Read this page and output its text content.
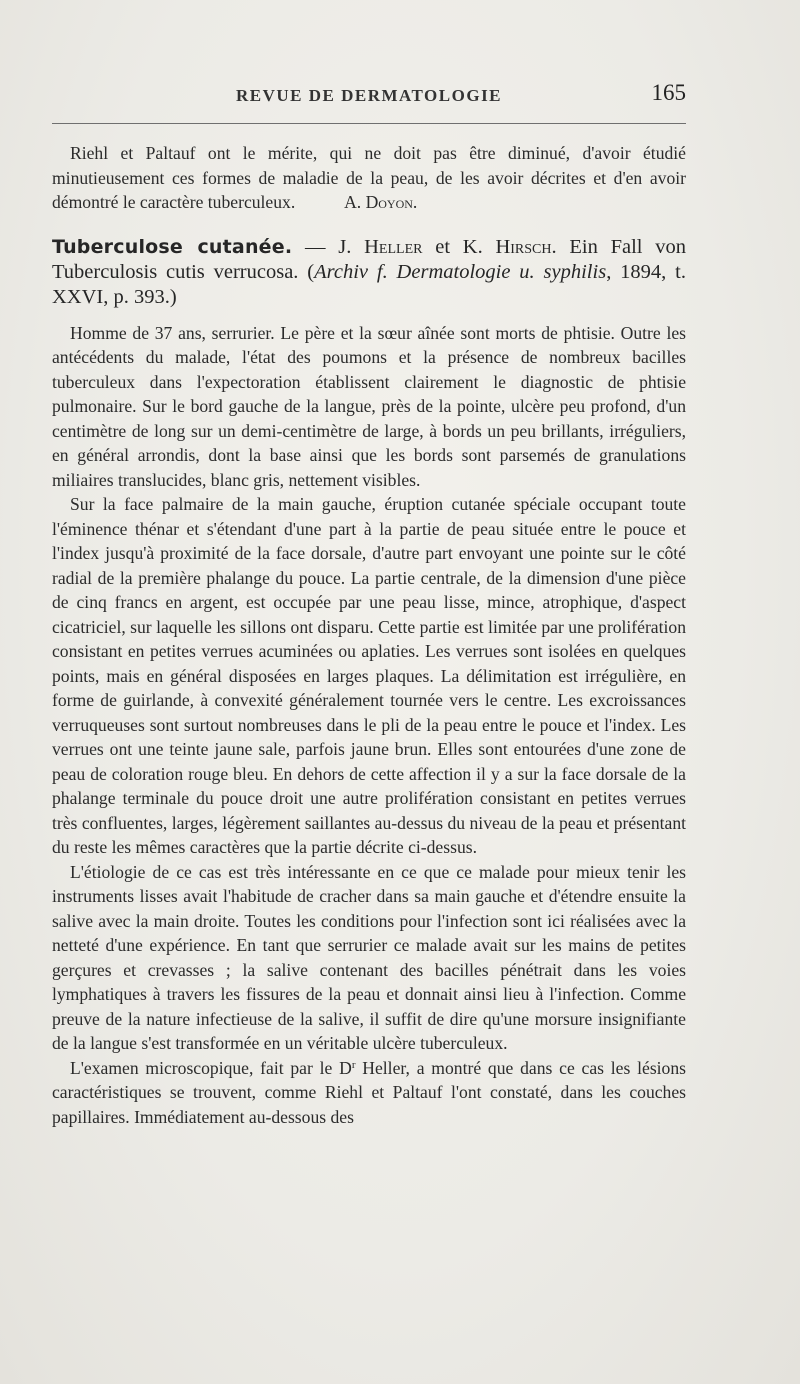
REVUE DE DERMATOLOGIE	165

Riehl et Paltauf ont le mérite, qui ne doit pas être diminué, d'avoir étudié minutieusement ces formes de maladie de la peau, de les avoir décrites et d'en avoir démontré le caractère tuberculeux.	A. Doyon.

Tuberculose cutanée. — J. Heller et K. Hirsch. Ein Fall von Tuberculosis cutis verrucosa. (Archiv f. Dermatologie u. syphilis, 1894, t. XXVI, p. 393.)

Homme de 37 ans, serrurier. Le père et la sœur aînée sont morts de phtisie. Outre les antécédents du malade, l'état des poumons et la présence de nombreux bacilles tuberculeux dans l'expectoration établissent clairement le diagnostic de phtisie pulmonaire. Sur le bord gauche de la langue, près de la pointe, ulcère peu profond, d'un centimètre de long sur un demi-centimètre de large, à bords un peu brillants, irréguliers, en général arrondis, dont la base ainsi que les bords sont parsemés de granulations miliaires translucides, blanc gris, nettement visibles.

Sur la face palmaire de la main gauche, éruption cutanée spéciale occupant toute l'éminence thénar et s'étendant d'une part à la partie de peau située entre le pouce et l'index jusqu'à proximité de la face dorsale, d'autre part envoyant une pointe sur le côté radial de la première phalange du pouce. La partie centrale, de la dimension d'une pièce de cinq francs en argent, est occupée par une peau lisse, mince, atrophique, d'aspect cicatriciel, sur laquelle les sillons ont disparu. Cette partie est limitée par une prolifération consistant en petites verrues acuminées ou aplaties. Les verrues sont isolées en quelques points, mais en général disposées en larges plaques. La délimitation est irrégulière, en forme de guirlande, à convexité généralement tournée vers le centre. Les excroissances verruqueuses sont surtout nombreuses dans le pli de la peau entre le pouce et l'index. Les verrues ont une teinte jaune sale, parfois jaune brun. Elles sont entourées d'une zone de peau de coloration rouge bleu. En dehors de cette affection il y a sur la face dorsale de la phalange terminale du pouce droit une autre prolifération consistant en petites verrues très confluentes, larges, légèrement saillantes au-dessus du niveau de la peau et présentant du reste les mêmes caractères que la partie décrite ci-dessus.

L'étiologie de ce cas est très intéressante en ce que ce malade pour mieux tenir les instruments lisses avait l'habitude de cracher dans sa main gauche et d'étendre ensuite la salive avec la main droite. Toutes les conditions pour l'infection sont ici réalisées avec la netteté d'une expérience. En tant que serrurier ce malade avait sur les mains de petites gerçures et crevasses ; la salive contenant des bacilles pénétrait dans les voies lymphatiques à travers les fissures de la peau et donnait ainsi lieu à l'infection. Comme preuve de la nature infectieuse de la salive, il suffit de dire qu'une morsure insignifiante de la langue s'est transformée en un véritable ulcère tuberculeux.

L'examen microscopique, fait par le $D^r$ Heller, a montré que dans ce cas les lésions caractéristiques se trouvent, comme Riehl et Paltauf l'ont constaté, dans les couches papillaires. Immédiatement au-dessous des
